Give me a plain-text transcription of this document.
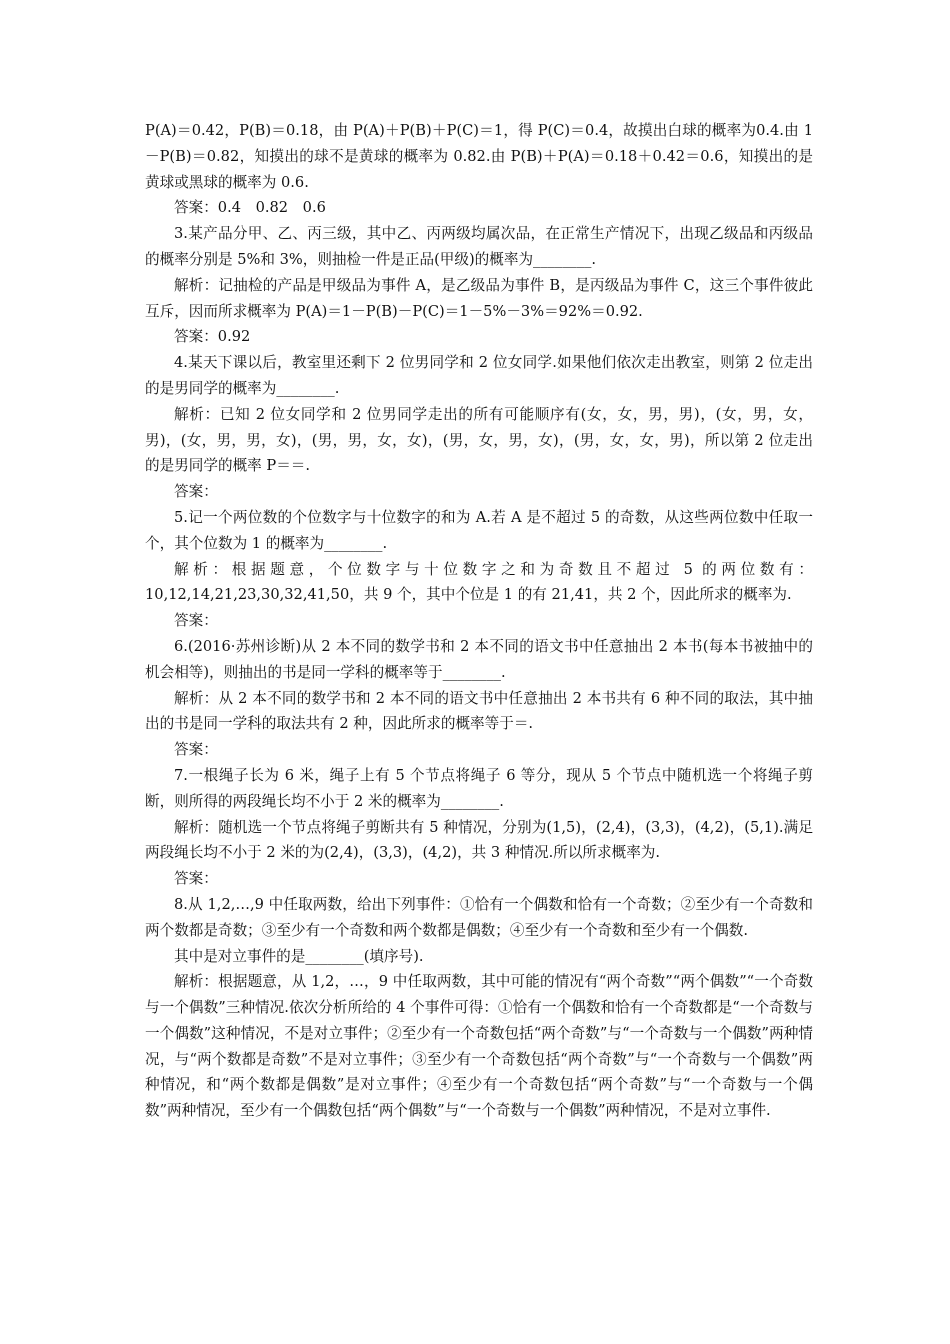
P(A)＝0.42，P(B)＝0.18，由 P(A)＋P(B)＋P(C)＝1，得 P(C)＝0.4，故摸出白球的概率为0.4.由 1－P(B)＝0.82，知摸出的球不是黄球的概率为 0.82.由 P(B)＋P(A)＝0.18＋0.42＝0.6，知摸出的是黄球或黑球的概率为 0.6.

答案：0.4　0.82　0.6

3.某产品分甲、乙、丙三级，其中乙、丙两级均属次品，在正常生产情况下，出现乙级品和丙级品的概率分别是 5%和 3%，则抽检一件是正品(甲级)的概率为________.

解析：记抽检的产品是甲级品为事件 A，是乙级品为事件 B，是丙级品为事件 C，这三个事件彼此互斥，因而所求概率为 P(A)＝1－P(B)－P(C)＝1－5%－3%＝92%＝0.92.

答案：0.92

4.某天下课以后，教室里还剩下 2 位男同学和 2 位女同学.如果他们依次走出教室，则第 2 位走出的是男同学的概率为________.

解析：已知 2 位女同学和 2 位男同学走出的所有可能顺序有(女，女，男，男)，(女，男，女，男)，(女，男，男，女)，(男，男，女，女)，(男，女，男，女)，(男，女，女，男)，所以第 2 位走出的是男同学的概率 P＝＝.

答案：

5.记一个两位数的个位数字与十位数字的和为 A.若 A 是不超过 5 的奇数，从这些两位数中任取一个，其个位数为 1 的概率为________.

解析：根据题意，个位数字与十位数字之和为奇数且不超过 5 的两位数有：10,12,14,21,23,30,32,41,50，共 9 个，其中个位是 1 的有 21,41，共 2 个，因此所求的概率为.

答案：

6.(2016·苏州诊断)从 2 本不同的数学书和 2 本不同的语文书中任意抽出 2 本书(每本书被抽中的机会相等)，则抽出的书是同一学科的概率等于________.

解析：从 2 本不同的数学书和 2 本不同的语文书中任意抽出 2 本书共有 6 种不同的取法，其中抽出的书是同一学科的取法共有 2 种，因此所求的概率等于＝.

答案：

7.一根绳子长为 6 米，绳子上有 5 个节点将绳子 6 等分，现从 5 个节点中随机选一个将绳子剪断，则所得的两段绳长均不小于 2 米的概率为________.

解析：随机选一个节点将绳子剪断共有 5 种情况，分别为(1,5)，(2,4)，(3,3)，(4,2)，(5,1).满足两段绳长均不小于 2 米的为(2,4)，(3,3)，(4,2)，共 3 种情况.所以所求概率为.

答案：

8.从 1,2,…,9 中任取两数，给出下列事件：①恰有一个偶数和恰有一个奇数；②至少有一个奇数和两个数都是奇数；③至少有一个奇数和两个数都是偶数；④至少有一个奇数和至少有一个偶数.

其中是对立事件的是________(填序号).

解析：根据题意，从 1,2，…，9 中任取两数，其中可能的情况有“两个奇数”“两个偶数”“一个奇数与一个偶数”三种情况.依次分析所给的 4 个事件可得：①恰有一个偶数和恰有一个奇数都是“一个奇数与一个偶数”这种情况，不是对立事件；②至少有一个奇数包括“两个奇数”与“一个奇数与一个偶数”两种情况，与“两个数都是奇数”不是对立事件；③至少有一个奇数包括“两个奇数”与“一个奇数与一个偶数”两种情况，和“两个数都是偶数”是对立事件；④至少有一个奇数包括“两个奇数”与“一个奇数与一个偶数”两种情况，至少有一个偶数包括“两个偶数”与“一个奇数与一个偶数”两种情况，不是对立事件.
